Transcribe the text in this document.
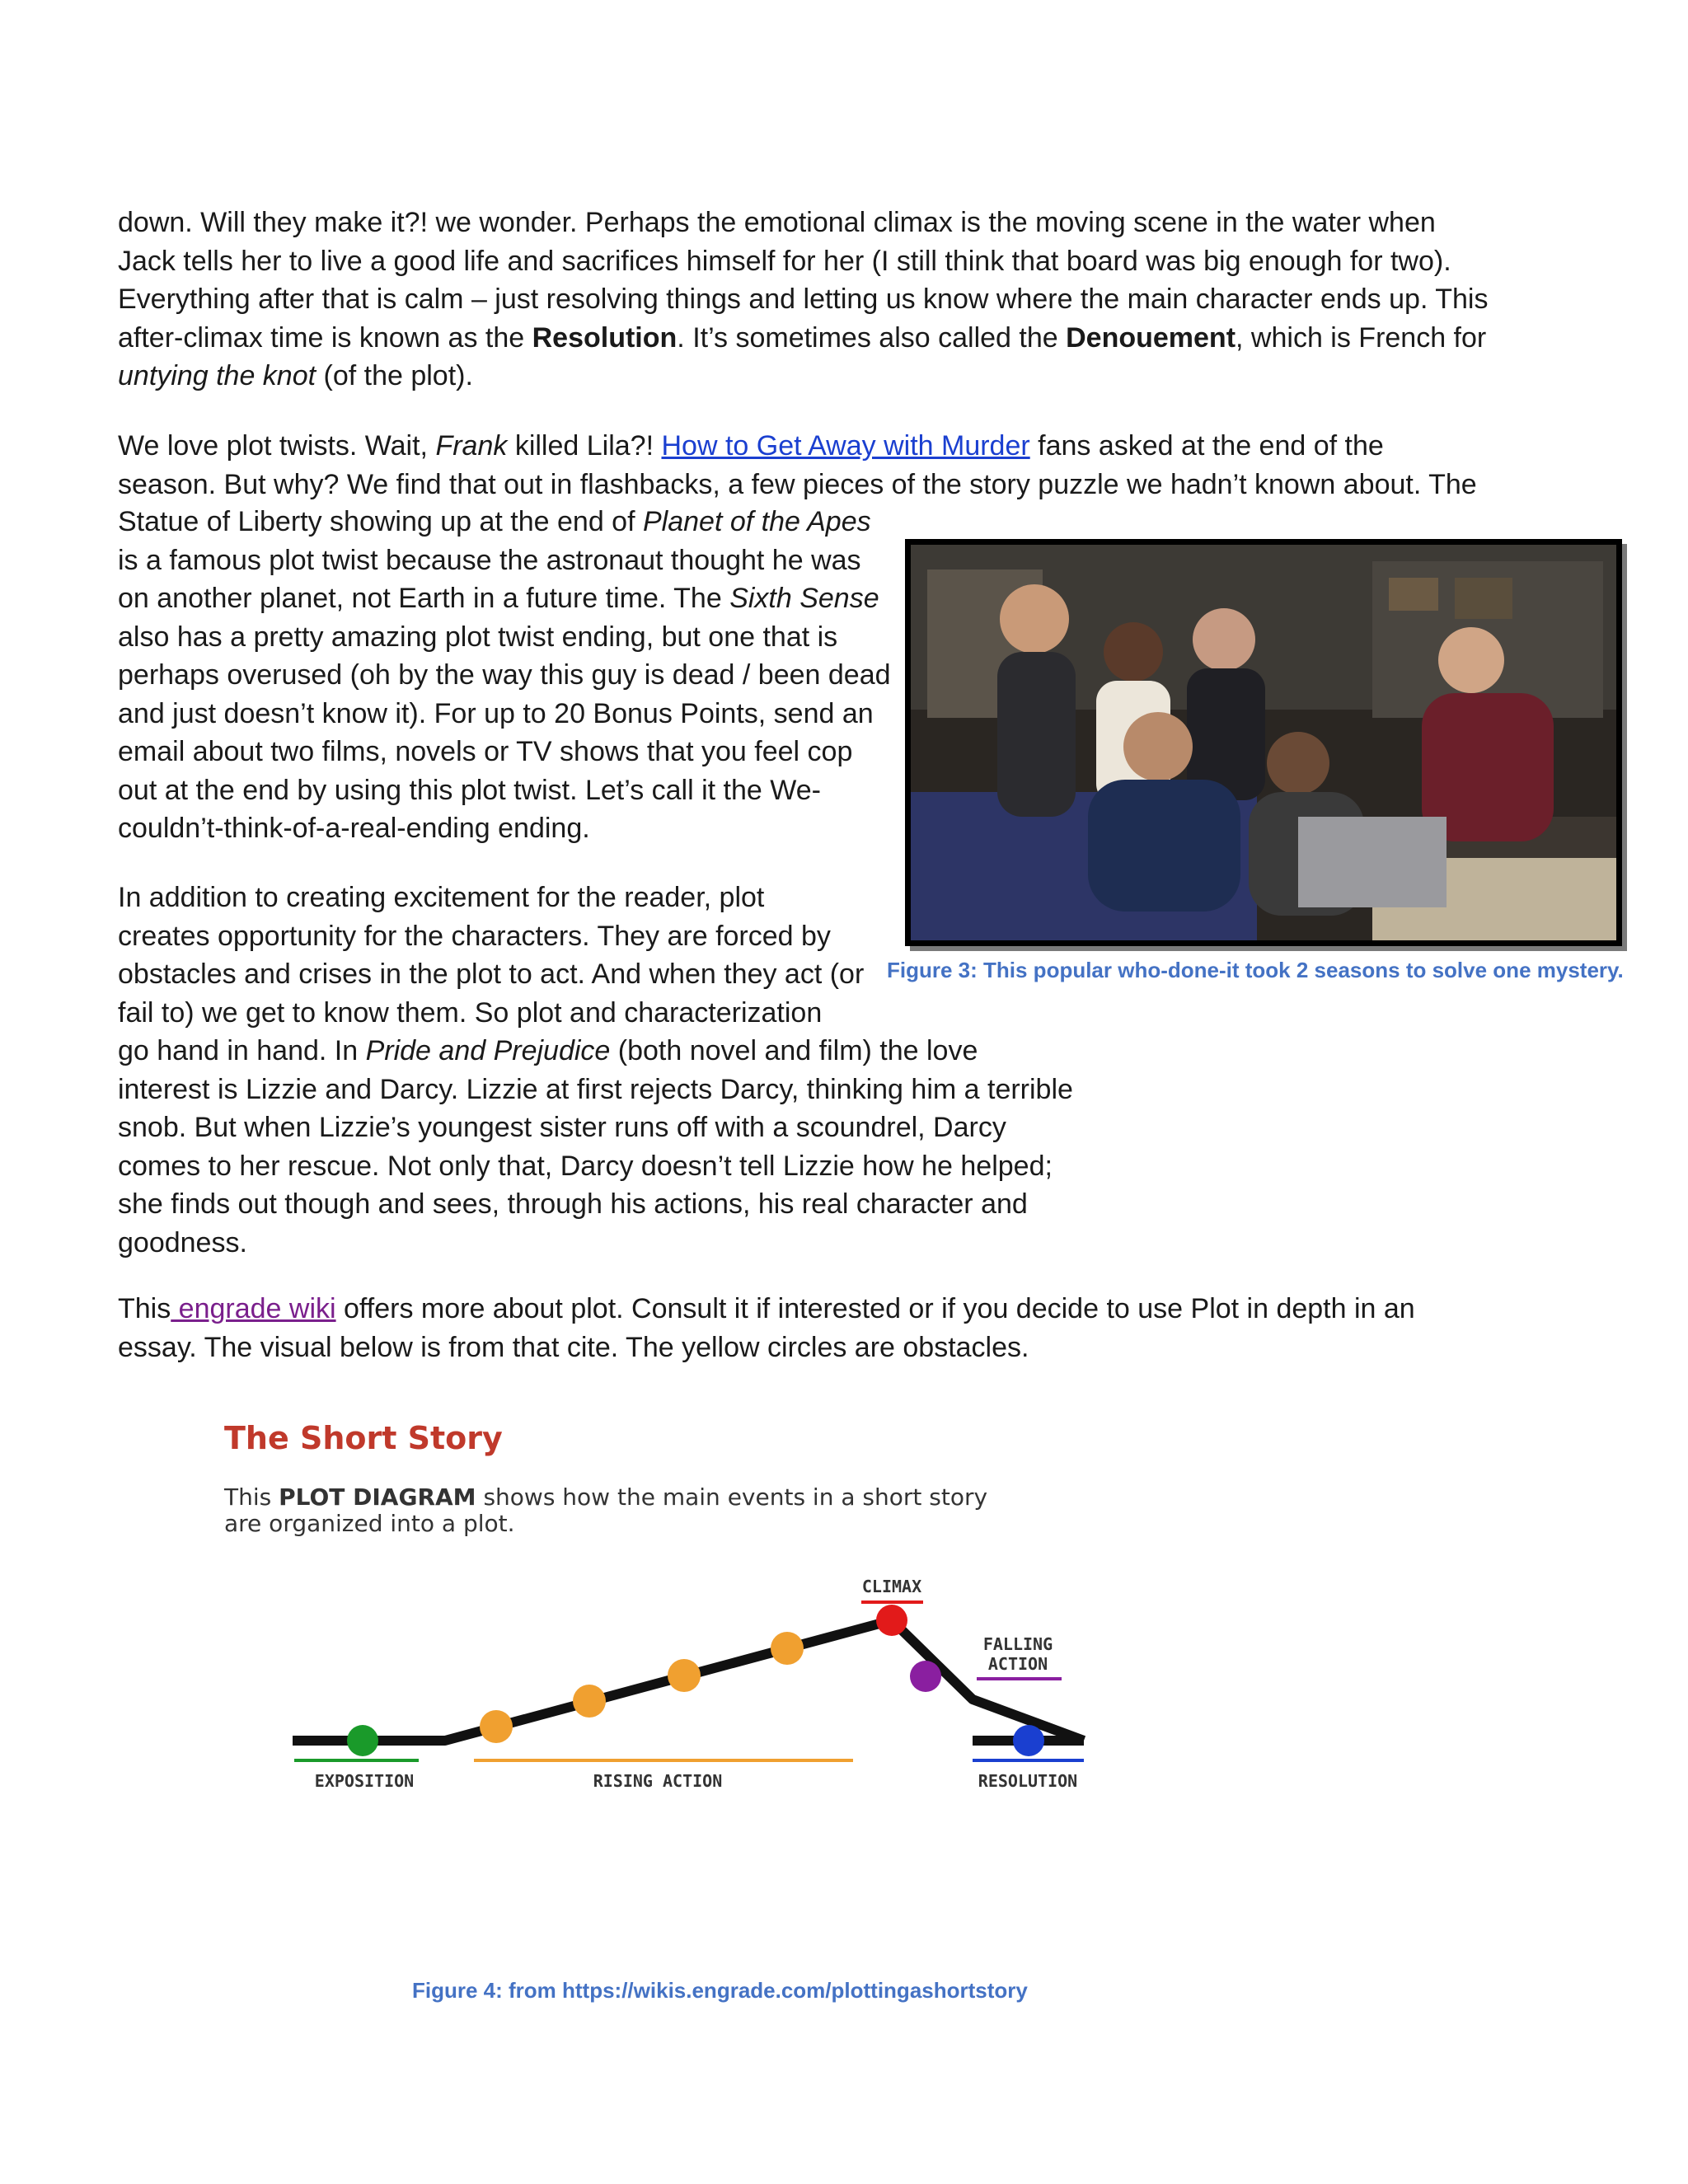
down. Will they make it?! we wonder. Perhaps the emotional climax is the moving scene in the water when
Jack tells her to live a good life and sacrifices himself for her (I still think that board was big enough for two).
Everything after that is calm – just resolving things and letting us know where the main character ends up. This
after-climax time is known as the Resolution. It’s sometimes also called the Denouement, which is French for
untying the knot (of the plot).
We love plot twists. Wait, Frank killed Lila?! How to Get Away with Murder fans asked at the end of the
season. But why? We find that out in flashbacks, a few pieces of the story puzzle we hadn’t known about. The
Statue of Liberty showing up at the end of Planet of the Apes is a famous plot twist because the astronaut thought he was on another planet, not Earth in a future time. The Sixth Sense also has a pretty amazing plot twist ending, but one that is perhaps overused (oh by the way this guy is dead / been dead and just doesn’t know it). For up to 20 Bonus Points, send an email about two films, novels or TV shows that you feel cop out at the end by using this plot twist. Let’s call it the We-couldn’t-think-of-a-real-ending ending.

Figure 3: This popular who-done-it took 2 seasons to solve one mystery.

In addition to creating excitement for the reader, plot
creates opportunity for the characters. They are forced by
obstacles and crises in the plot to act. And when they act (or
fail to) we get to know them. So plot and characterization
go hand in hand. In Pride and Prejudice (both novel and film) the love
interest is Lizzie and Darcy. Lizzie at first rejects Darcy, thinking him a terrible
snob. But when Lizzie’s youngest sister runs off with a scoundrel, Darcy
comes to her rescue. Not only that, Darcy doesn’t tell Lizzie how he helped;
she finds out though and sees, through his actions, his real character and
goodness.
This engrade wiki offers more about plot. Consult it if interested or if you decide to use Plot in depth in an
essay. The visual below is from that cite. The yellow circles are obstacles.
The Short Story
This PLOT DIAGRAM shows how the main events in a short story
are organized into a plot.
CLIMAX
FALLING
ACTION
EXPOSITION	RISING ACTION	RESOLUTION

Figure 4: from https://wikis.engrade.com/plottingashortstory
